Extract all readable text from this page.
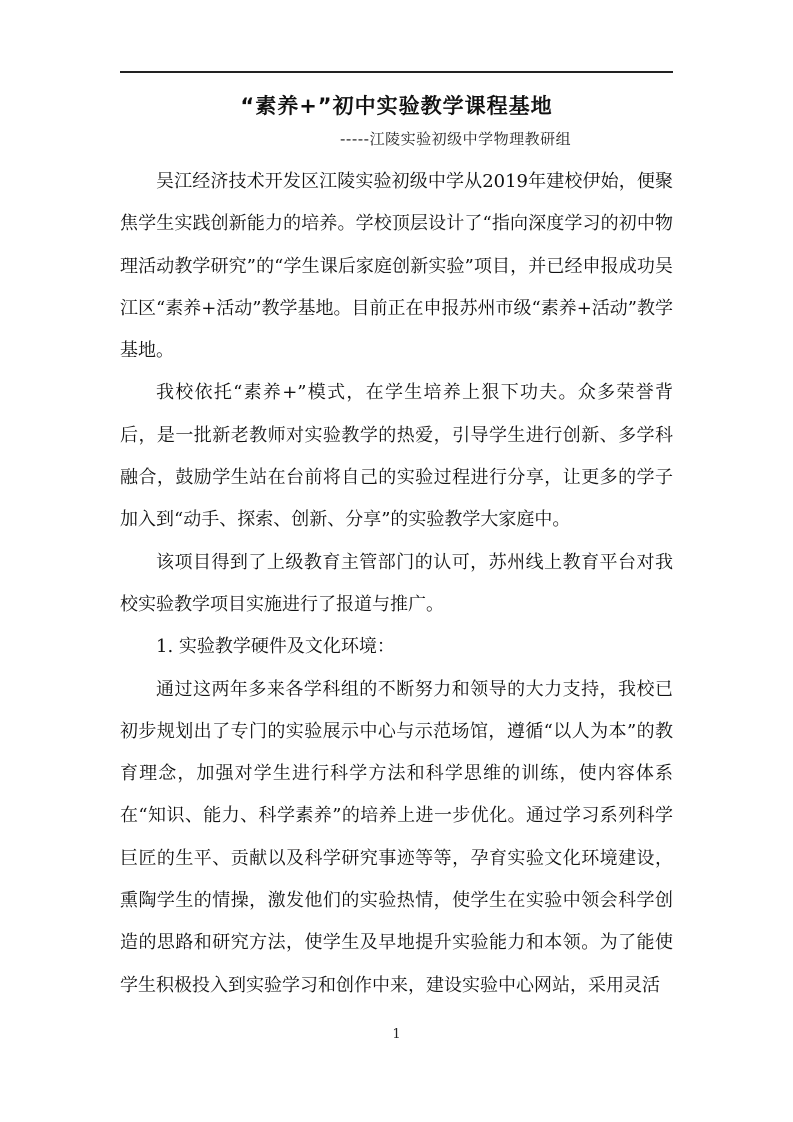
“素养+”初中实验教学课程基地
-----江陵实验初级中学物理教研组

吴江经济技术开发区江陵实验初级中学从2019年建校伊始，便聚焦学生实践创新能力的培养。学校顶层设计了“指向深度学习的初中物理活动教学研究”的“学生课后家庭创新实验”项目，并已经申报成功吴江区“素养+活动”教学基地。目前正在申报苏州市级“素养+活动”教学基地。

我校依托“素养+”模式，在学生培养上狠下功夫。众多荣誉背后，是一批新老教师对实验教学的热爱，引导学生进行创新、多学科融合，鼓励学生站在台前将自己的实验过程进行分享，让更多的学子加入到“动手、探索、创新、分享”的实验教学大家庭中。

该项目得到了上级教育主管部门的认可，苏州线上教育平台对我校实验教学项目实施进行了报道与推广。

1. 实验教学硬件及文化环境：

通过这两年多来各学科组的不断努力和领导的大力支持，我校已初步规划出了专门的实验展示中心与示范场馆，遵循“以人为本”的教育理念，加强对学生进行科学方法和科学思维的训练，使内容体系在“知识、能力、科学素养”的培养上进一步优化。通过学习系列科学巨匠的生平、贡献以及科学研究事迹等等，孕育实验文化环境建设，熏陶学生的情操，激发他们的实验热情，使学生在实验中领会科学创造的思路和研究方法，使学生及早地提升实验能力和本领。为了能使学生积极投入到实验学习和创作中来，建设实验中心网站，采用灵活

1
